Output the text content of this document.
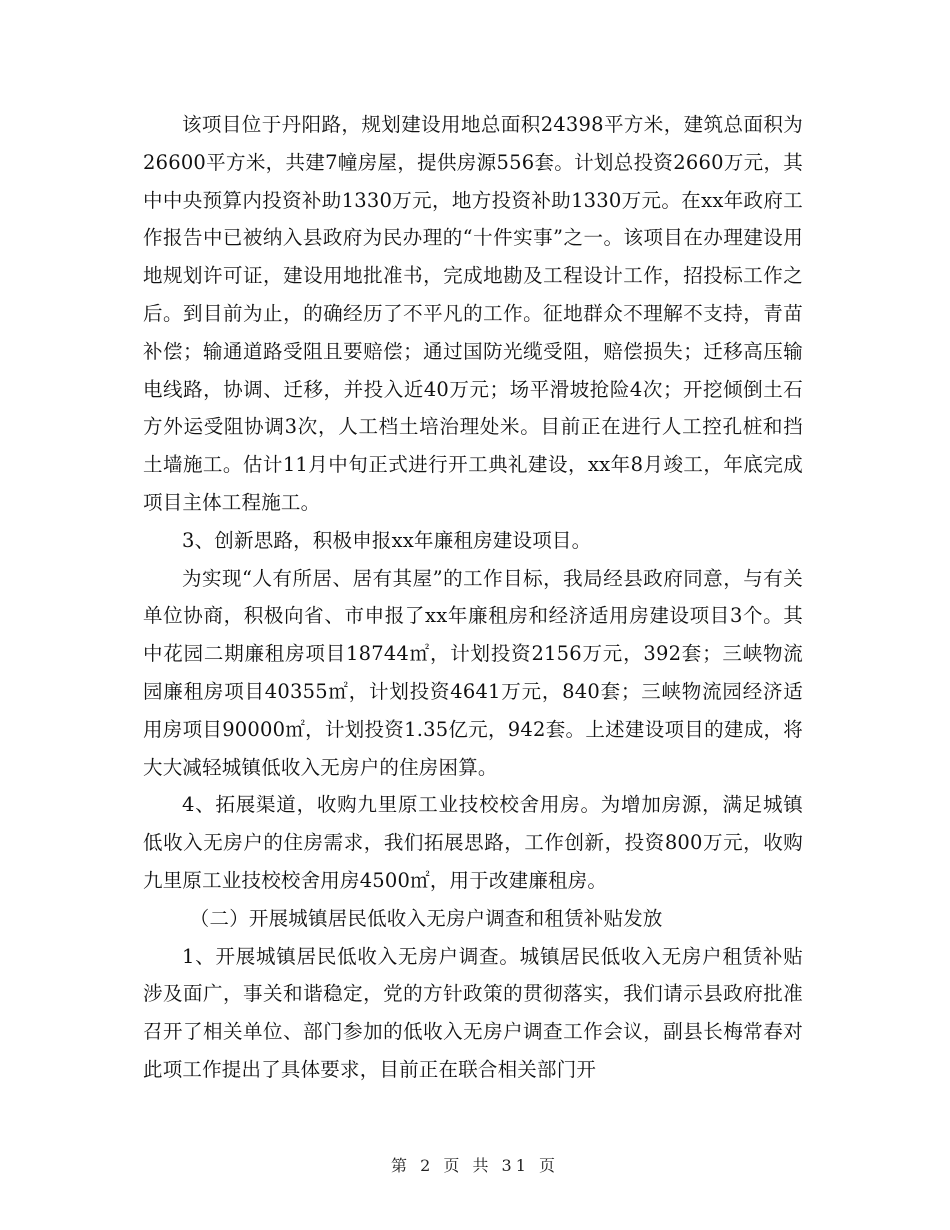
该项目位于丹阳路，规划建设用地总面积24398平方米，建筑总面积为26600平方米，共建7幢房屋，提供房源556套。计划总投资2660万元，其中中央预算内投资补助1330万元，地方投资补助1330万元。在xx年政府工作报告中已被纳入县政府为民办理的“十件实事”之一。该项目在办理建设用地规划许可证，建设用地批准书，完成地勘及工程设计工作，招投标工作之后。到目前为止，的确经历了不平凡的工作。征地群众不理解不支持，青苗补偿；输通道路受阻且要赔偿；通过国防光缆受阻，赔偿损失；迁移高压输电线路，协调、迁移，并投入近40万元；场平滑坡抢险4次；开挖倾倒土石方外运受阻协调3次，人工档土培治理处米。目前正在进行人工控孔桩和挡土墙施工。估计11月中旬正式进行开工典礼建设，xx年8月竣工，年底完成项目主体工程施工。

3、创新思路，积极申报xx年廉租房建设项目。

为实现“人有所居、居有其屋”的工作目标，我局经县政府同意，与有关单位协商，积极向省、市申报了xx年廉租房和经济适用房建设项目3个。其中花园二期廉租房项目18744㎡，计划投资2156万元，392套；三峡物流园廉租房项目40355㎡，计划投资4641万元，840套；三峡物流园经济适用房项目90000㎡，计划投资1.35亿元，942套。上述建设项目的建成，将大大减轻城镇低收入无房户的住房困算。

4、拓展渠道，收购九里原工业技校校舍用房。为增加房源，满足城镇低收入无房户的住房需求，我们拓展思路，工作创新，投资800万元，收购九里原工业技校校舍用房4500㎡，用于改建廉租房。

（二）开展城镇居民低收入无房户调查和租赁补贴发放

1、开展城镇居民低收入无房户调查。城镇居民低收入无房户租赁补贴涉及面广，事关和谐稳定，党的方针政策的贯彻落实，我们请示县政府批准召开了相关单位、部门参加的低收入无房户调查工作会议，副县长梅常春对此项工作提出了具体要求，目前正在联合相关部门开

第 2 页 共 31 页
